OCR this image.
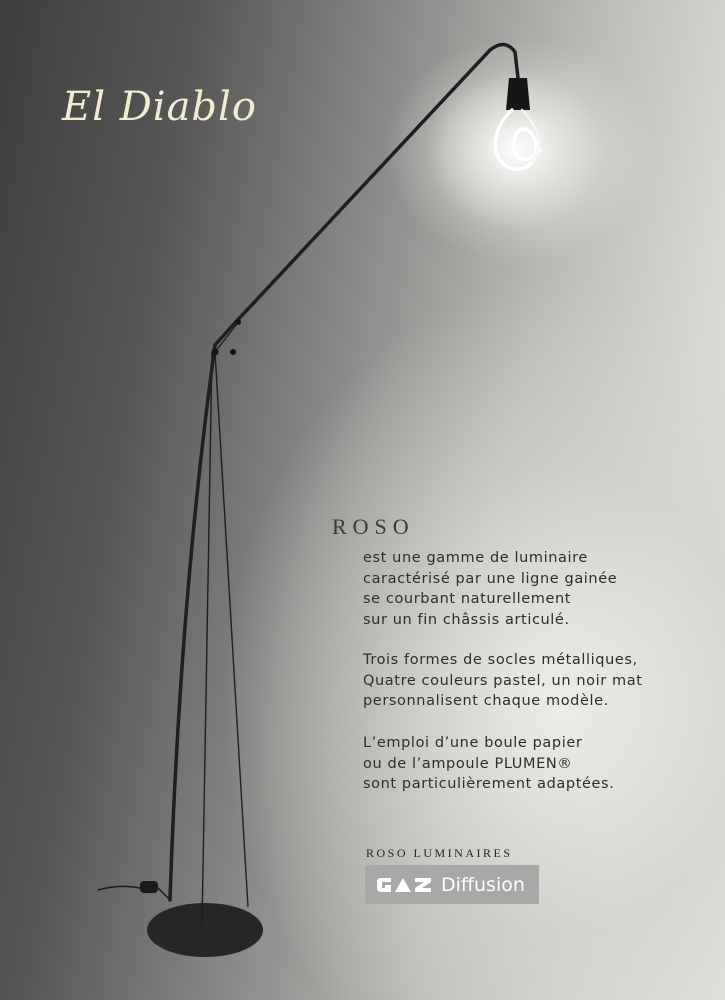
El Diablo
ROSO

est une gamme de luminaire
caractérisé par une ligne gainée
se courbant naturellement
sur un fin châssis articulé.

Trois formes de socles métalliques,
Quatre couleurs pastel, un noir mat
personnalisent chaque modèle.

L’emploi d’une boule papier
ou de l’ampoule PLUMEN®
sont particulièrement adaptées.

ROSO LUMINAIRES
Diffusion
